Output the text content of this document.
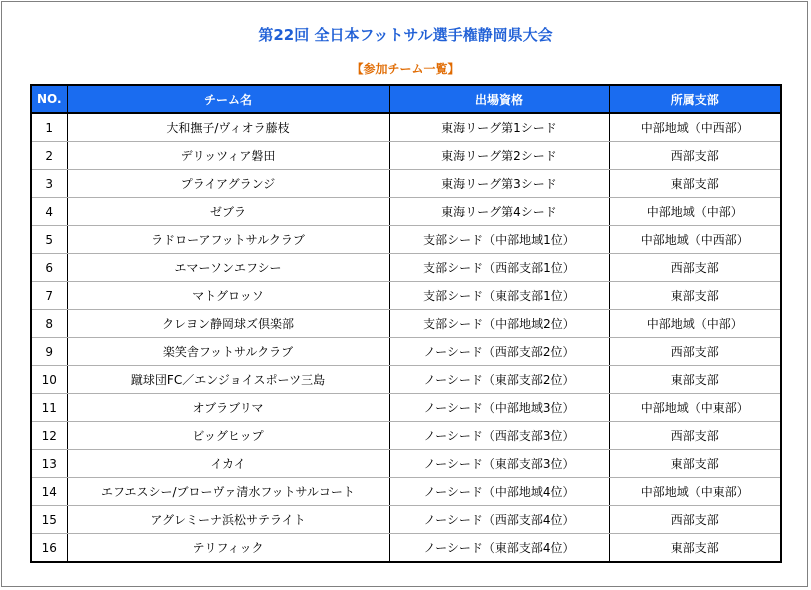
第22回 全日本フットサル選手権静岡県大会
【参加チーム一覧】
NO.	チーム名	出場資格	所属支部
1	大和撫子/ヴィオラ藤枝	東海リーグ第1シード	中部地域（中西部）
2	デリッツィア磐田	東海リーグ第2シード	西部支部
3	プライアグランジ	東海リーグ第3シード	東部支部
4	ゼブラ	東海リーグ第4シード	中部地域（中部）
5	ラドローアフットサルクラブ	支部シード（中部地域1位）	中部地域（中西部）
6	エマーソンエフシー	支部シード（西部支部1位）	西部支部
7	マトグロッソ	支部シード（東部支部1位）	東部支部
8	クレヨン静岡球ズ倶楽部	支部シード（中部地域2位）	中部地域（中部）
9	楽笑舎フットサルクラブ	ノーシード（西部支部2位）	西部支部
10	蹴球団FC／エンジョイスポーツ三島	ノーシード（東部支部2位）	東部支部
11	オブラブリマ	ノーシード（中部地域3位）	中部地域（中東部）
12	ビッグヒップ	ノーシード（西部支部3位）	西部支部
13	イカイ	ノーシード（東部支部3位）	東部支部
14	エフエスシー/ブローヴァ清水フットサルコート	ノーシード（中部地域4位）	中部地域（中東部）
15	アグレミーナ浜松サテライト	ノーシード（西部支部4位）	西部支部
16	テリフィック	ノーシード（東部支部4位）	東部支部
